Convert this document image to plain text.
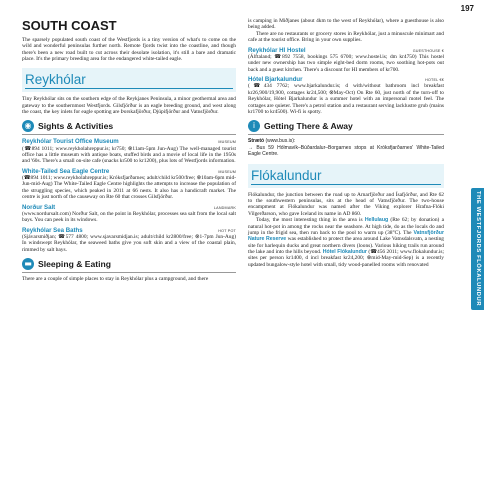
197
SOUTH COAST

The sparsely populated south coast of the Westfjords is a tiny version of what's to come on the wild and wonderful peninsulas further north. Remote fjords twist into the coastline, and though there's been a new road built to cut across their desolate isolation, it's still a bare and dramatic place. It's the primary breeding area for the endangered white-tailed eagle.

Reykhólar

Tiny Reykhólar sits on the southern edge of the Reykjanes Peninsula, a minor geothermal area and gateway to the southernmost Westfjords. Gilsfjörður is an eagle breeding ground, and west along the coast, the key inlets for eagle spotting are Þorskafjörður, Djúpifjörður and Vatnsfjörður.

◉ Sights & Activities
Reykhólar Tourist Office Museum	MUSEUM

(☎894 1011; www.reykholahreppur.is; kr750; ⊗11am-5pm Jun-Aug) The well-managed tourist office has a little museum with antique boats, stuffed birds and a movie of local life in the 1950s and '60s. There's a small on-site cafe (snacks kr500 to kr1200), plus lots of Westfjords information.

White-Tailed Sea Eagle Centre	MUSEUM

(☎894 1011; www.reykholahreppur.is; Króksfjarðarnes; adult/child kr500/free; ⊗10am-6pm mid-Jun-mid-Aug) The White-Tailed Eagle Centre highlights the attempts to increase the population of the struggling species, which peaked in 2011 at 66 nests. It also has a handicraft market. The centre is just north of the causeway on Rte 60 that crosses Gilsfjörður.

Norður Salt	LANDMARK

(www.nordursalt.com) Norður Salt, on the point in Reykhólar, processes sea salt from the local salt bays. You can peek in its windows.

Reykhólar Sea Baths	HOT POT

(Sjávarsmiðjan; ☎577 4800; www.sjavarsmidjan.is; adult/child kr2800/free; ⊗1-7pm Jun-Aug) In windswept Reykhólar, the seaweed baths give you soft skin and a view of the coastal plain, rimmed by salt bays.

▬ Sleeping & Eating

There are a couple of simple places to stay in Reykhólar plus a campground, and there

is camping in Miðjanes (about 4km to the west of Reykhólar), where a guesthouse is also being added.

There are no restaurants or grocery stores in Reykhólar, just a minuscule minimart and cafe at the tourist office. Bring in your own supplies.

Reykhólar HI Hostel	GUESTHOUSE €

(Álftaland; ☎892 7558, bookings 575 6700; www.hostel.is; dm kr4750) This hostel under new ownership has two simple eight-bed dorm rooms, two soothing hot-pots out back and a guest kitchen. There's a discount for HI members of kr700.

Hótel Bjarkalundur	HOTEL €€

(☎434 7762; www.bjarkalundur.is; d with/without bathroom incl breakfast kr26,900/19,900, cottages kr24,500; ⊗May-Oct) On Rte 60, just north of the turn-off to Reykhólar, Hótel Bjarkalundur is a summer hotel with an impersonal motel feel. The cottages are quieter. There's a petrol station and a restaurant serving lacklustre grub (mains kr1700 to kr4500). Wi-fi is spotty.

i	Getting There & Away

Strætó (www.bus.is):

→ Bus 59 Hólmavík–Búðardalur–Borgarnes stops at Króksfjarðarnes' White-Tailed Eagle Centre.

Flókalundur

Flókalundur, the junction between the road up to Arnarfjörður and Ísafjörður, and Rte 62 to the southwestern peninsulas, sits at the head of Vatnsfjörður. The two-house encampment at Flókalundur was named after the Viking explorer Hrafna-Flóki Vilgerðarson, who gave Iceland its name in AD 860.

Today, the most interesting thing in the area is Hellulaug (Rte 62; by donation) a natural hot-pot in among the rocks near the seashore. At high tide, do as the locals do and jump in the frigid sea, then run back to the pool to warm up (38°C). The Vatnsfjörður Nature Reserve was established to protect the area around Lake Vatnsdalsvatn, a nesting site for harlequin ducks and great northern divers (loons). Various hiking trails run around the lake and into the hills beyond. Hótel Flókalundur (☎456 2011; www.flokalundur.is; sites per person kr1400, d incl breakfast kr24,200; ⊗mid-May-mid-Sep) is a recently updated bungalow-style hotel with small, tidy wood-panelled rooms with renovated	THE WESTFJORDS FLÓKALUNDUR
